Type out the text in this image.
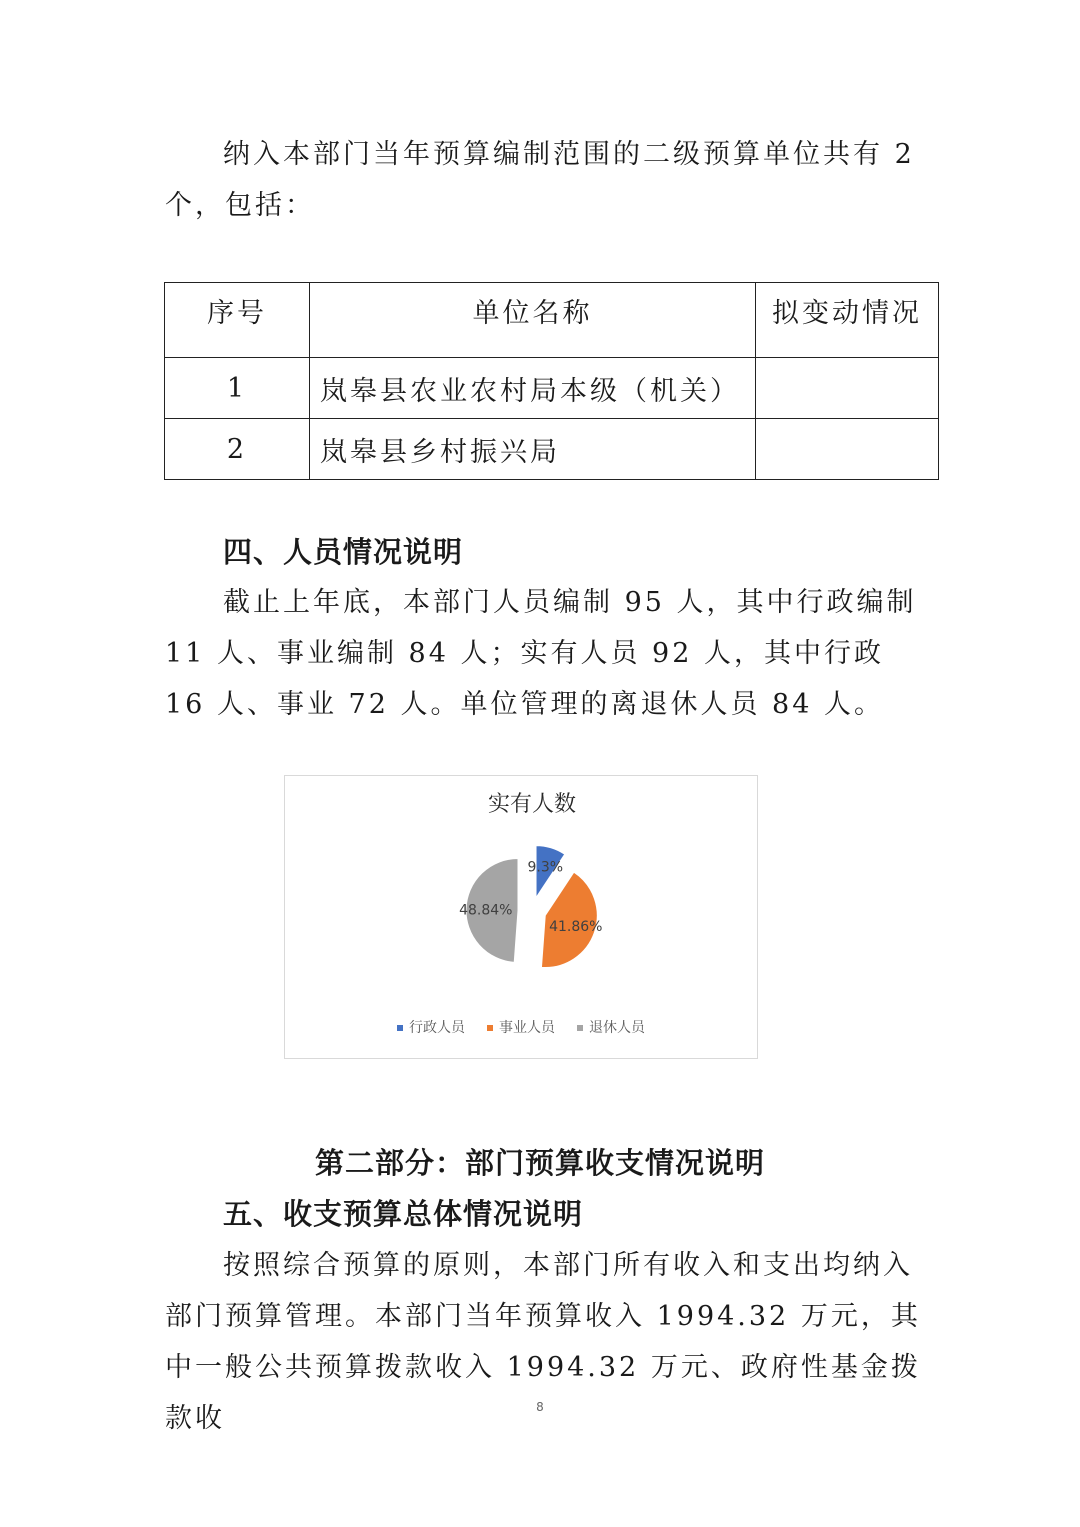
纳入本部门当年预算编制范围的二级预算单位共有 2 个，包括：

序号	单位名称	拟变动情况
1	岚皋县农业农村局本级（机关）	
2	岚皋县乡村振兴局	
四、人员情况说明

截止上年底，本部门人员编制 95 人，其中行政编制 11 人、事业编制 84 人；实有人员 92 人，其中行政 16 人、事业 72 人。单位管理的离退休人员 84 人。

实有人数
9.3%
41.86%
48.84%
行政人员 事业人员 退休人员
第二部分：部门预算收支情况说明
五、收支预算总体情况说明

按照综合预算的原则，本部门所有收入和支出均纳入部门预算管理。本部门当年预算收入 1994.32 万元，其中一般公共预算拨款收入 1994.32 万元、政府性基金拨款收	8
